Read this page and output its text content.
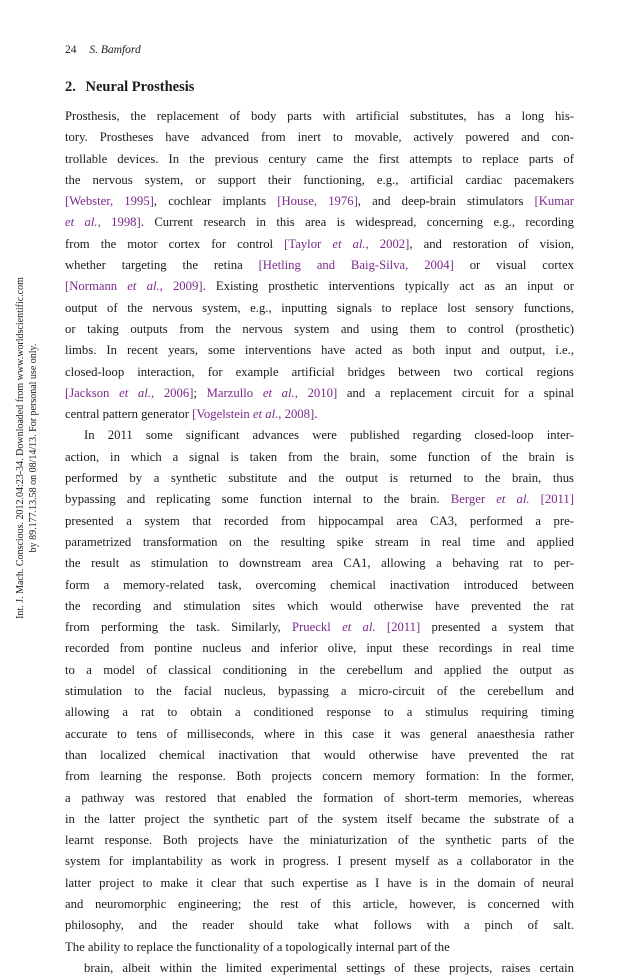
24 S. Bamford
2. Neural Prosthesis
Int. J. Mach. Conscious. 2012.04:23-34. Downloaded from www.worldscientific.com by 89.177.13.58 on 08/14/13. For personal use only.
Prosthesis, the replacement of body parts with artificial substitutes, has a long his-
tory. Prostheses have advanced from inert to movable, actively powered and con-
trollable devices. In the previous century came the first attempts to replace parts of
the nervous system, or support their functioning, e.g., artificial cardiac pacemakers
[Webster, 1995], cochlear implants [House, 1976], and deep-brain stimulators [Kumar
et al., 1998]. Current research in this area is widespread, concerning e.g., recording
from the motor cortex for control [Taylor et al., 2002], and restoration of vision,
whether targeting the retina [Hetling and Baig-Silva, 2004] or visual cortex
[Normann et al., 2009]. Existing prosthetic interventions typically act as an input or
output of the nervous system, e.g., inputting signals to replace lost sensory functions,
or taking outputs from the nervous system and using them to control (prosthetic)
limbs. In recent years, some interventions have acted as both input and output, i.e.,
closed-loop interaction, for example artificial bridges between two cortical regions
[Jackson et al., 2006]; Marzullo et al., 2010] and a replacement circuit for a spinal
central pattern generator [Vogelstein et al., 2008].
In 2011 some significant advances were published regarding closed-loop inter-
action, in which a signal is taken from the brain, some function of the brain is
performed by a synthetic substitute and the output is returned to the brain, thus
bypassing and replicating some function internal to the brain. Berger et al. [2011]
presented a system that recorded from hippocampal area CA3, performed a pre-
parametrized transformation on the resulting spike stream in real time and applied
the result as stimulation to downstream area CA1, allowing a behaving rat to per-
form a memory-related task, overcoming chemical inactivation introduced between
the recording and stimulation sites which would otherwise have prevented the rat
from performing the task. Similarly, Prueckl et al. [2011] presented a system that
recorded from pontine nucleus and inferior olive, input these recordings in real time
to a model of classical conditioning in the cerebellum and applied the output as
stimulation to the facial nucleus, bypassing a micro-circuit of the cerebellum and
allowing a rat to obtain a conditioned response to a stimulus requiring timing
accurate to tens of milliseconds, where in this case it was general anaesthesia rather
than localized chemical inactivation that would otherwise have prevented the rat
from learning the response. Both projects concern memory formation: In the former,
a pathway was restored that enabled the formation of short-term memories, whereas
in the latter project the synthetic part of the system itself became the substrate of a
learnt response. Both projects have the miniaturization of the synthetic parts of the
system for implantability as work in progress. I present myself as a collaborator in the
latter project to make it clear that such expertise as I have is in the domain of neural
and neuromorphic engineering; the rest of this article, however, is concerned with
philosophy, and the reader should take what follows with a pinch of salt.
The ability to replace the functionality of a topologically internal part of the
brain, albeit within the limited experimental settings of these projects, raises certain
